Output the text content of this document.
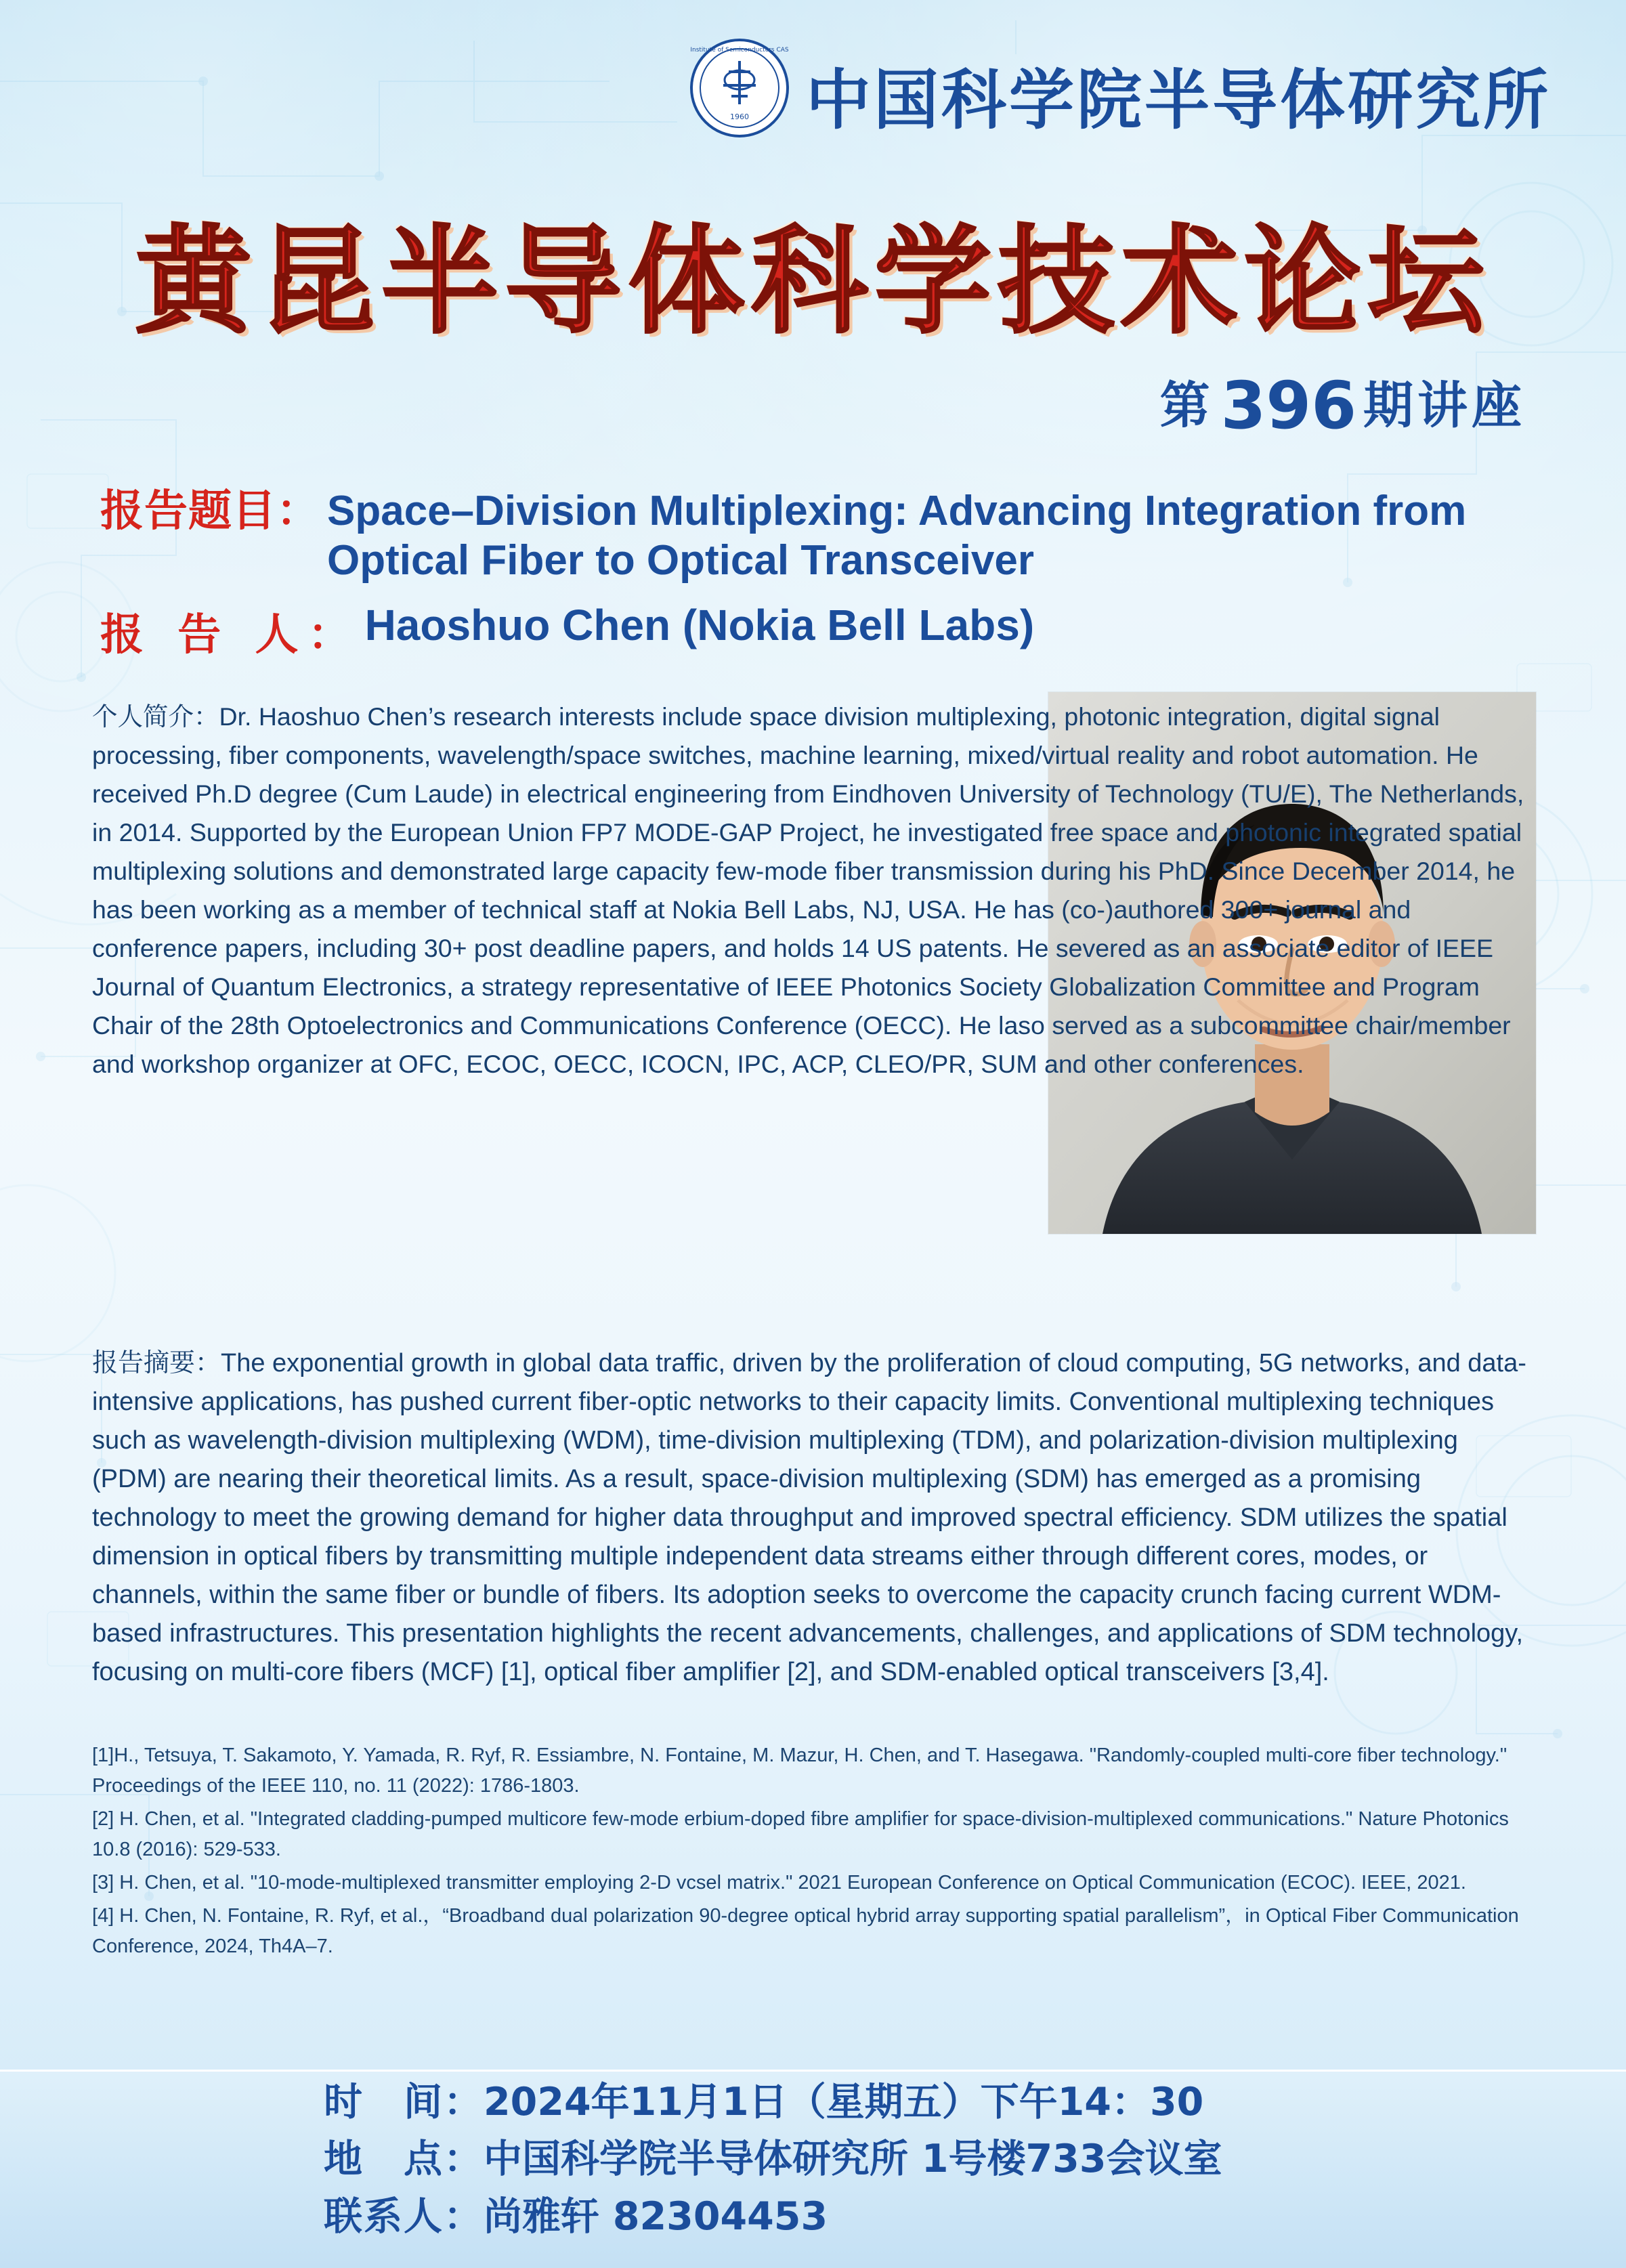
1960
Institute of Semiconductors CAS
中国科学院半导体研究所
黄昆半导体科学技术论坛
第 396 期讲座
报告题目： Space–Division Multiplexing: Advancing Integration from
Optical Fiber to Optical Transceiver
报 告 人： Haoshuo Chen (Nokia Bell Labs)
个人简介：Dr. Haoshuo Chen’s research interests include space division multiplexing, photonic integration, digital signal processing, fiber components, wavelength/space switches, machine learning, mixed/virtual reality and robot automation. He received Ph.D degree (Cum Laude) in electrical engineering from Eindhoven University of Technology (TU/E), The Netherlands, in 2014. Supported by the European Union FP7 MODE-GAP Project, he investigated free space and photonic integrated spatial multiplexing solutions and demonstrated large capacity few-mode fiber transmission during his PhD. Since December 2014, he has been working as a member of technical staff at Nokia Bell Labs, NJ, USA. He has (co-)authored 300+ journal and conference papers, including 30+ post deadline papers, and holds 14 US patents. He severed as an associate editor of IEEE Journal of Quantum Electronics, a strategy representative of IEEE Photonics Society Globalization Committee and Program Chair of the 28th Optoelectronics and Communications Conference (OECC). He laso served as a subcommittee chair/member and workshop organizer at OFC, ECOC, OECC, ICOCN, IPC, ACP, CLEO/PR, SUM and other conferences.
报告摘要：The exponential growth in global data traffic, driven by the proliferation of cloud computing, 5G networks, and data-intensive applications, has pushed current fiber-optic networks to their capacity limits. Conventional multiplexing techniques such as wavelength-division multiplexing (WDM), time-division multiplexing (TDM), and polarization-division multiplexing (PDM) are nearing their theoretical limits. As a result, space-division multiplexing (SDM) has emerged as a promising technology to meet the growing demand for higher data throughput and improved spectral efficiency. SDM utilizes the spatial dimension in optical fibers by transmitting multiple independent data streams either through different cores, modes, or channels, within the same fiber or bundle of fibers. Its adoption seeks to overcome the capacity crunch facing current WDM-based infrastructures. This presentation highlights the recent advancements, challenges, and applications of SDM technology, focusing on multi-core fibers (MCF) [1], optical fiber amplifier [2], and SDM-enabled optical transceivers [3,4].

[1]H., Tetsuya, T. Sakamoto, Y. Yamada, R. Ryf, R. Essiambre, N. Fontaine, M. Mazur, H. Chen, and T. Hasegawa. "Randomly-coupled multi-core fiber technology." Proceedings of the IEEE 110, no. 11 (2022): 1786-1803.

[2] H. Chen, et al. "Integrated cladding-pumped multicore few-mode erbium-doped fibre amplifier for space-division-multiplexed communications." Nature Photonics 10.8 (2016): 529-533.

[3] H. Chen, et al. "10-mode-multiplexed transmitter employing 2-D vcsel matrix." 2021 European Conference on Optical Communication (ECOC). IEEE, 2021.

[4] H. Chen, N. Fontaine, R. Ryf, et al.，“Broadband dual polarization 90-degree optical hybrid array supporting spatial parallelism”，in Optical Fiber Communication Conference, 2024, Th4A–7.

时　间：2024年11月1日（星期五）下午14：30
地　点：中国科学院半导体研究所 1号楼733会议室
联系人：尚雅轩 82304453
